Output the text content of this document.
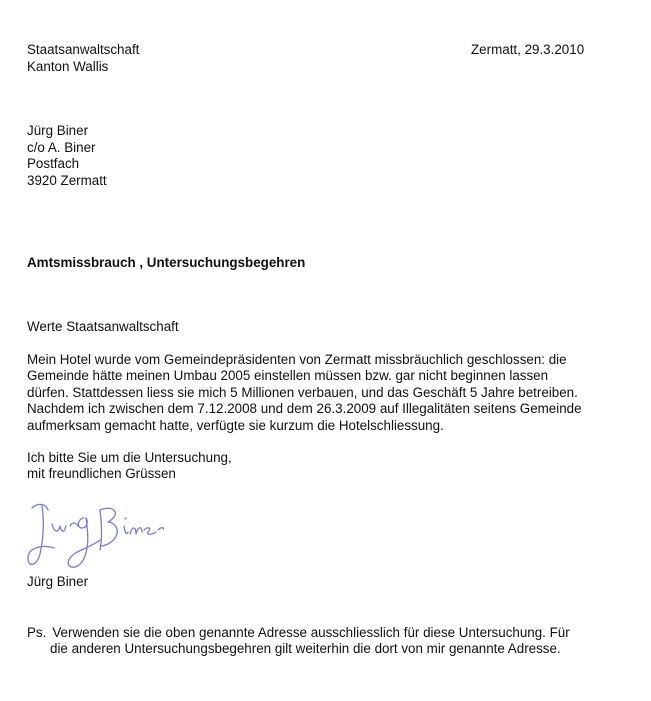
Staatsanwaltschaft
Kanton Wallis
Zermatt, 29.3.2010
Jürg Biner
c/o A. Biner
Postfach
3920 Zermatt
Amtsmissbrauch , Untersuchungsbegehren
Werte Staatsanwaltschaft
Mein Hotel wurde vom Gemeindepräsidenten von Zermatt missbräuchlich geschlossen: die
Gemeinde hätte meinen Umbau 2005 einstellen müssen bzw. gar nicht beginnen lassen
dürfen. Stattdessen liess sie mich 5 Millionen verbauen, und das Geschäft 5 Jahre betreiben.
Nachdem ich zwischen dem 7.12.2008 und dem 26.3.2009 auf Illegalitäten seitens Gemeinde
aufmerksam gemacht hatte, verfügte sie kurzum die Hotelschliessung.
Ich bitte Sie um die Untersuchung,
mit freundlichen Grüssen
Jürg Biner
Ps. Verwenden sie die oben genannte Adresse ausschliesslich für diese Untersuchung. Für
die anderen Untersuchungsbegehren gilt weiterhin die dort von mir genannte Adresse.
